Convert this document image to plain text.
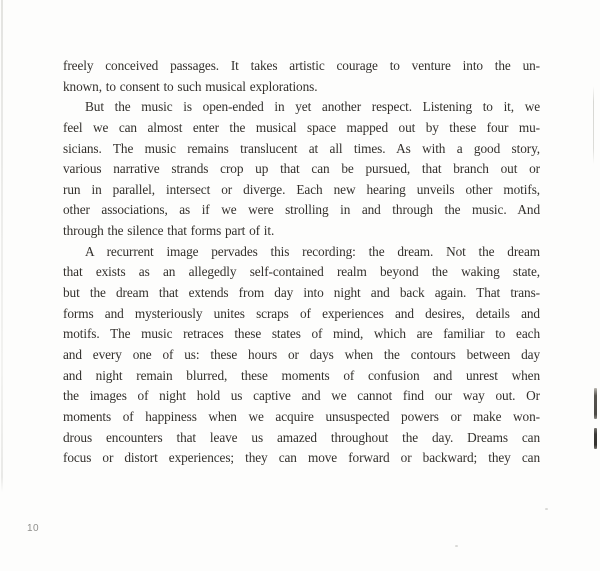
freely conceived passages. It takes artistic courage to venture into the un-
known, to consent to such musical explorations.
But the music is open-ended in yet another respect. Listening to it, we
feel we can almost enter the musical space mapped out by these four mu-
sicians. The music remains translucent at all times. As with a good story,
various narrative strands crop up that can be pursued, that branch out or
run in parallel, intersect or diverge. Each new hearing unveils other motifs,
other associations, as if we were strolling in and through the music. And
through the silence that forms part of it.
A recurrent image pervades this recording: the dream. Not the dream
that exists as an allegedly self-contained realm beyond the waking state,
but the dream that extends from day into night and back again. That trans-
forms and mysteriously unites scraps of experiences and desires, details and
motifs. The music retraces these states of mind, which are familiar to each
and every one of us: these hours or days when the contours between day
and night remain blurred, these moments of confusion and unrest when
the images of night hold us captive and we cannot find our way out. Or
moments of happiness when we acquire unsuspected powers or make won-
drous encounters that leave us amazed throughout the day. Dreams can
focus or distort experiences; they can move forward or backward; they can
10
